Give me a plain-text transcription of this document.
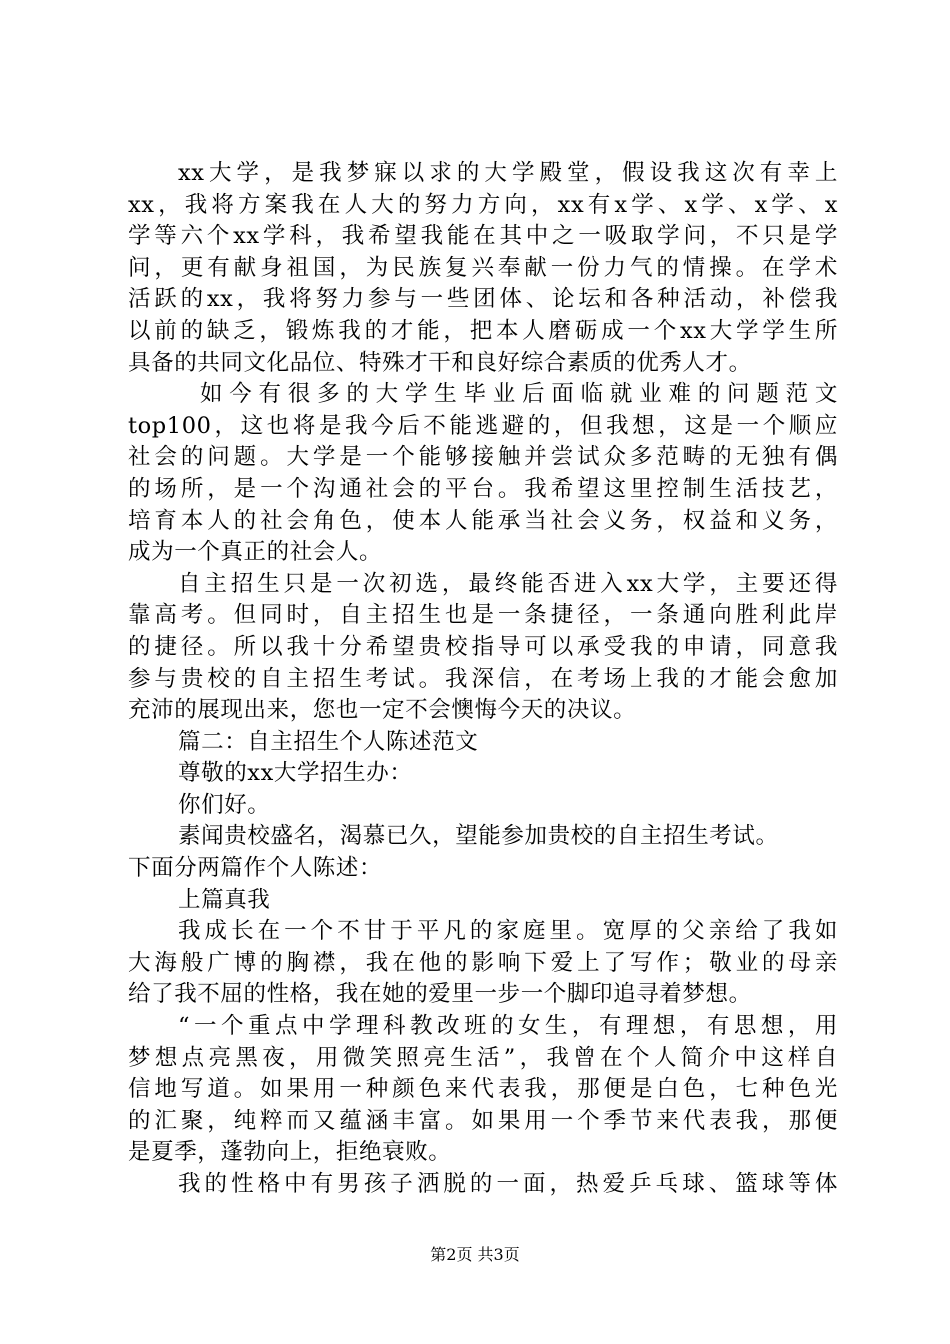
xx大学，是我梦寐以求的大学殿堂，假设我这次有幸上
xx，我将方案我在人大的努力方向，xx有x学、x学、x学、x
学等六个xx学科，我希望我能在其中之一吸取学问，不只是学
问，更有献身祖国，为民族复兴奉献一份力气的情操。在学术
活跃的xx，我将努力参与一些团体、论坛和各种活动，补偿我
以前的缺乏，锻炼我的才能，把本人磨砺成一个xx大学学生所
具备的共同文化品位、特殊才干和良好综合素质的优秀人才。
如今有很多的大学生毕业后面临就业难的问题范文
top100，这也将是我今后不能逃避的，但我想，这是一个顺应
社会的问题。大学是一个能够接触并尝试众多范畴的无独有偶
的场所，是一个沟通社会的平台。我希望这里控制生活技艺，
培育本人的社会角色，使本人能承当社会义务，权益和义务，
成为一个真正的社会人。
自主招生只是一次初选，最终能否进入xx大学，主要还得
靠高考。但同时，自主招生也是一条捷径，一条通向胜利此岸
的捷径。所以我十分希望贵校指导可以承受我的申请，同意我
参与贵校的自主招生考试。我深信，在考场上我的才能会愈加
充沛的展现出来，您也一定不会懊悔今天的决议。
篇二：自主招生个人陈述范文
尊敬的xx大学招生办：
你们好。
素闻贵校盛名，渴慕已久，望能参加贵校的自主招生考试。
下面分两篇作个人陈述：
上篇真我
我成长在一个不甘于平凡的家庭里。宽厚的父亲给了我如
大海般广博的胸襟，我在他的影响下爱上了写作；敬业的母亲
给了我不屈的性格，我在她的爱里一步一个脚印追寻着梦想。
“一个重点中学理科教改班的女生，有理想，有思想，用
梦想点亮黑夜，用微笑照亮生活”，我曾在个人简介中这样自
信地写道。如果用一种颜色来代表我，那便是白色，七种色光
的汇聚，纯粹而又蕴涵丰富。如果用一个季节来代表我，那便
是夏季，蓬勃向上，拒绝衰败。
我的性格中有男孩子洒脱的一面，热爱乒乓球、篮球等体
第2页 共3页
